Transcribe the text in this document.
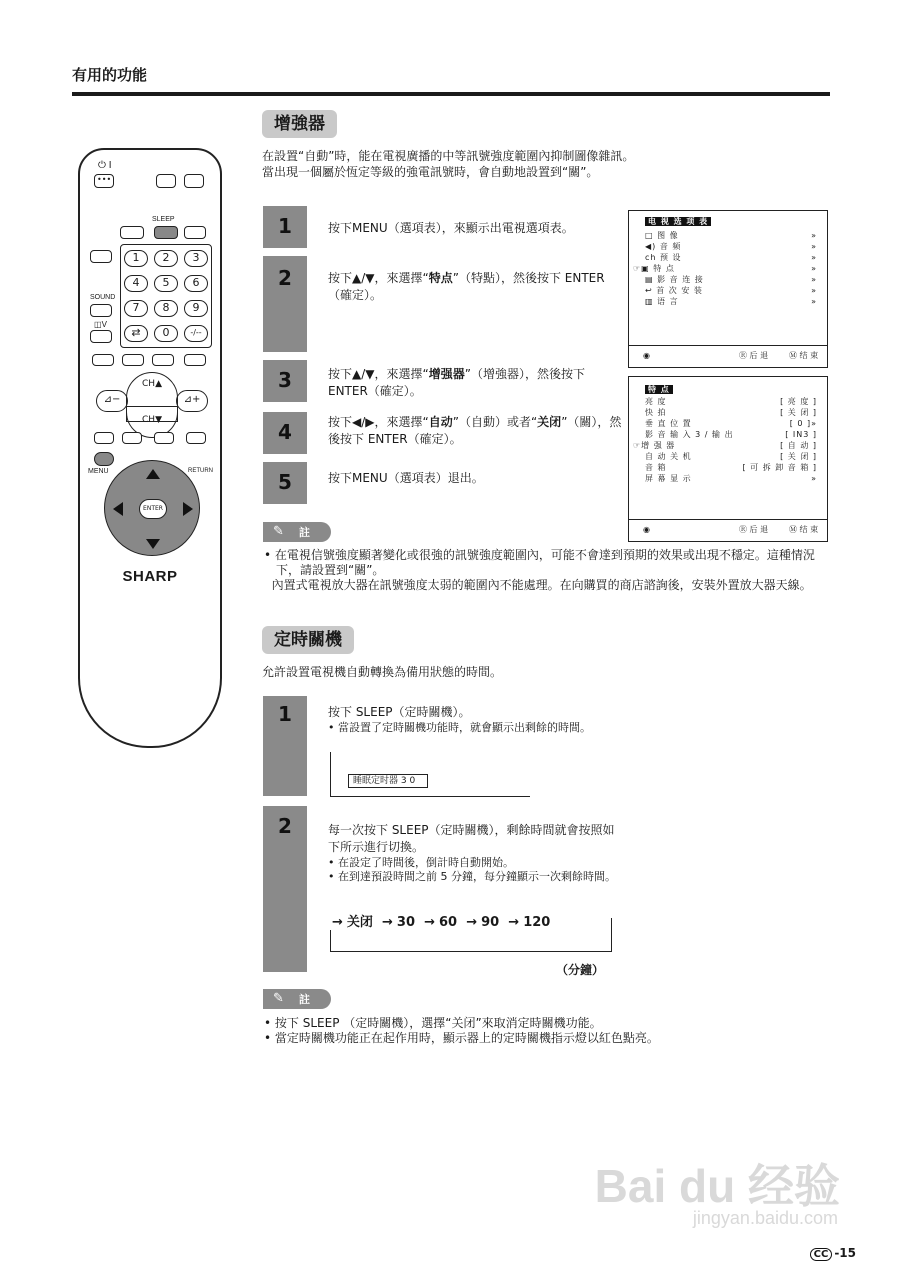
有用的功能
⏻ I
•••
SLEEP
1	2	3
4	5	6
7	8	9
⇄	0	-/--
SOUND
◫V
CH▲
CH▼
⊿−	⊿+
MENU	RETURN
ENTER
SHARP
增強器
在設置“自動”時，能在電視廣播的中等訊號強度範圍內抑制圖像雜訊。
當出現一個屬於恆定等級的強電訊號時，會自動地設置到“關”。
1
2
3
4
5
按下MENU（選項表），來顯示出電視選項表。
按下▲/▼，來選擇“特点”（特點），然後按下 ENTER（確定）。
按下▲/▼，來選擇“增强器”（增強器），然後按下 ENTER（確定）。
按下◀/▶，來選擇“自动”（自動）或者“关闭”（關），然後按下 ENTER（確定）。
按下MENU（選項表）退出。
电 视 选 项 表
□ 图 像	»
◀) 音 频	»
ch 预 设	»
☞▣ 特 点	»
▤ 影 音 连 接	»
↩ 首 次 安 装	»
▥ 语 言	»
◉	Ⓡ 后 退	Ⓜ 结 束
特 点
亮 度	[ 亮 度 ]
快 拍	[ 关 闭 ]
垂 直 位 置	[ 0 ]»
影 音 输 入 3 / 输 出	[ IN3 ]
☞增 强 器	[ 自 动 ]
自 动 关 机	[ 关 闭 ]
音 箱	[ 可 拆 卸 音 箱 ]
屏 幕 显 示	»
◉	Ⓡ 后 退	Ⓜ 结 束
✎ 註
• 在電視信號強度顯著變化或很強的訊號強度範圍內，可能不會達到預期的效果或出現不穩定。這種情況下，請設置到“關”。
內置式電視放大器在訊號強度太弱的範圍內不能處理。在向購買的商店諮詢後，安裝外置放大器天線。
定時關機
允許設置電視機自動轉換為備用狀態的時間。
1
2
按下 SLEEP（定時關機）。
• 當設置了定時關機功能時，就會顯示出剩餘的時間。
睡眠定时器 3 0
每一次按下 SLEEP（定時關機），剩餘時間就會按照如下所示進行切換。
• 在設定了時間後，倒計時自動開始。
• 在到達預設時間之前 5 分鐘，每分鐘顯示一次剩餘時間。
→ 关闭 → 30 → 60 → 90 → 120
（分鐘）
✎ 註
• 按下 SLEEP （定時關機），選擇“关闭”來取消定時關機功能。
• 當定時關機功能正在起作用時，顯示器上的定時關機指示燈以紅色點亮。
Bai du 经验
jingyan.baidu.com
CC -15
